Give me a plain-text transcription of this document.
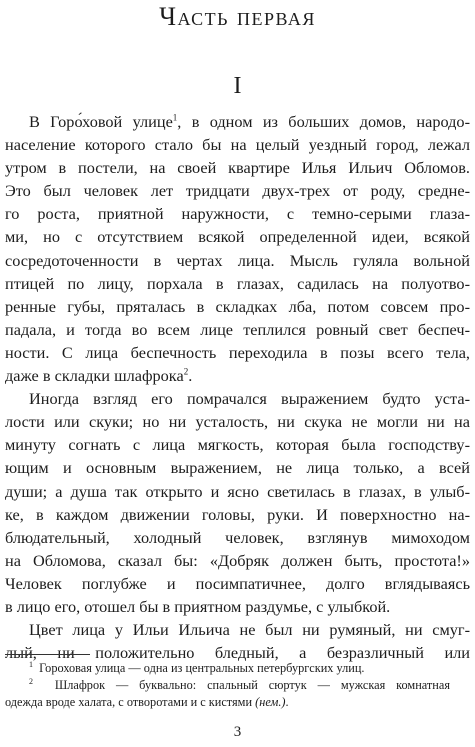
Часть первая
I
В Горо́ховой улице$^1$, в одном из больших домов, народо-
население которого стало бы на целый уездный город, лежал
утром в постели, на своей квартире Илья Ильич Обломов.
Это был человек лет тридцати двух-трех от роду, средне-
го роста, приятной наружности, с темно-серыми глаза-
ми, но с отсутствием всякой определенной идеи, всякой
сосредоточенности в чертах лица. Мысль гуляла вольной
птицей по лицу, порхала в глазах, садилась на полуотво-
ренные губы, пряталась в складках лба, потом совсем про-
падала, и тогда во всем лице теплился ровный свет беспеч-
ности. С лица беспечность переходила в позы всего тела,
даже в складки шлафрока$^2$.
Иногда взгляд его помрачался выражением будто уста-
лости или скуки; но ни усталость, ни скука не могли ни на
минуту согнать с лица мягкость, которая была господству-
ющим и основным выражением, не лица только, а всей
души; а душа так открыто и ясно светилась в глазах, в улыб-
ке, в каждом движении головы, руки. И поверхностно на-
блюдательный, холодный человек, взглянув мимоходом
на Обломова, сказал бы: «Добряк должен быть, простота!»
Человек поглубже и посимпатичнее, долго вглядываясь
в лицо его, отошел бы в приятном раздумье, с улыбкой.
Цвет лица у Ильи Ильича не был ни румяный, ни смуг-
лый, ни положительно бледный, а безразличный или
$^1$ Гороховая улица — одна из центральных петербургских улиц.
$^2$ Шлафрок — буквально: спальный сюртук — мужская комнатная
одежда вроде халата, с отворотами и с кистями (нем.).
3
